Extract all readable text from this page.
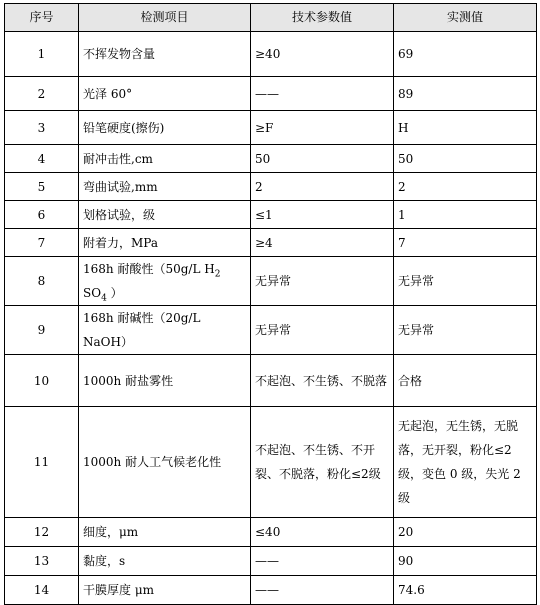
序号	检测项目	技术参数值	实测值
1	不挥发物含量	≥40	69
2	光泽 60°	——	89
3	铅笔硬度(擦伤)	≥F	H
4	耐冲击性,cm	50	50
5	弯曲试验,mm	2	2
6	划格试验，级	≤1	1
7	附着力，MPa	≥4	7
8	168h 耐酸性（50g/L $H_2$ $SO_4$ ）	无异常	无异常
9	168h 耐碱性（20g/L NaOH）	无异常	无异常
10	1000h 耐盐雾性	不起泡、不生锈、不脱落	合格
11	1000h 耐人工气候老化性	不起泡、不生锈、不开裂、不脱落，粉化≤2级	无起泡，无生锈，无脱落，无开裂，粉化≤2级，变色 0 级，失光 2 级
12	细度，μm	≤40	20
13	黏度，s	——	90
14	干膜厚度 μm	——	74.6
